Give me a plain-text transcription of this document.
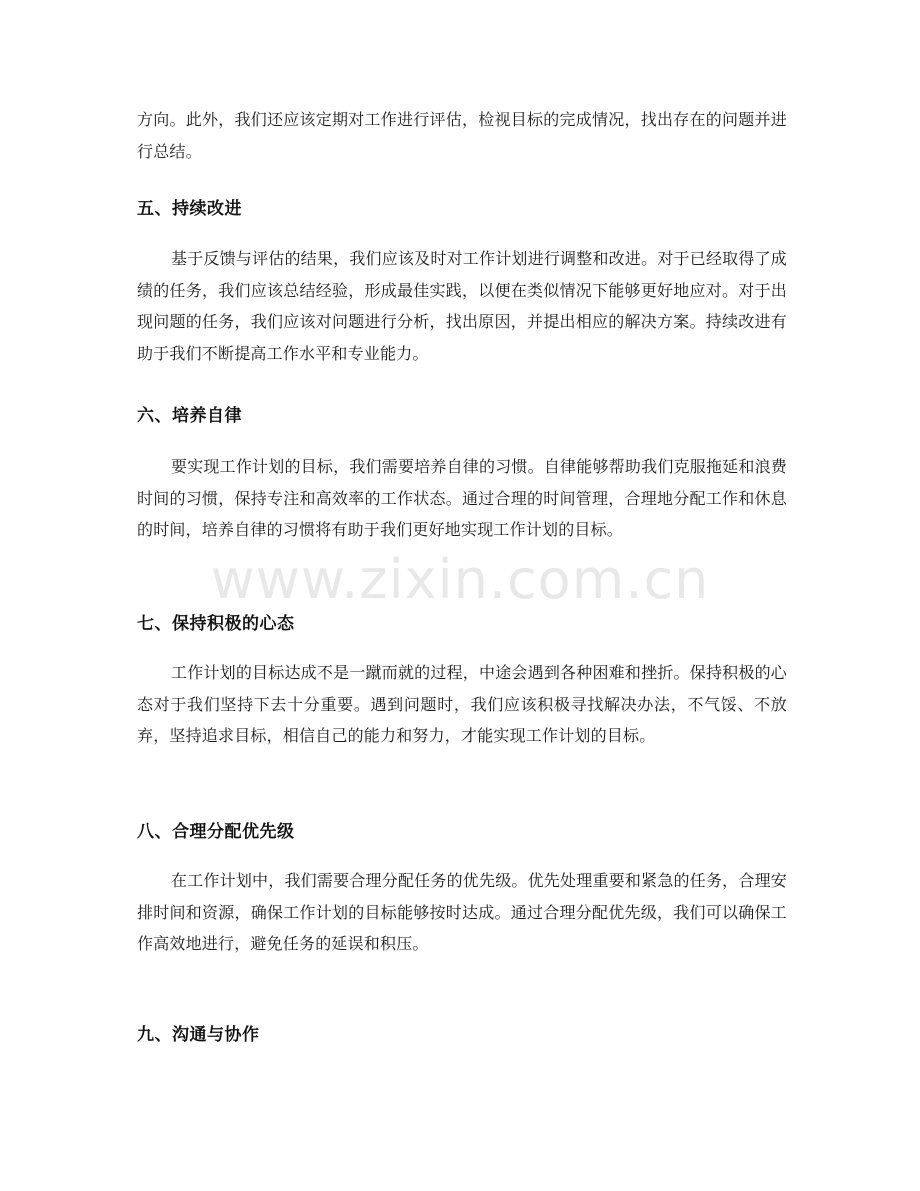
方向。此外，我们还应该定期对工作进行评估，检视目标的完成情况，找出存在的问题并进行总结。

五、持续改进

基于反馈与评估的结果，我们应该及时对工作计划进行调整和改进。对于已经取得了成绩的任务，我们应该总结经验，形成最佳实践，以便在类似情况下能够更好地应对。对于出现问题的任务，我们应该对问题进行分析，找出原因，并提出相应的解决方案。持续改进有助于我们不断提高工作水平和专业能力。

六、培养自律

要实现工作计划的目标，我们需要培养自律的习惯。自律能够帮助我们克服拖延和浪费时间的习惯，保持专注和高效率的工作状态。通过合理的时间管理，合理地分配工作和休息的时间，培养自律的习惯将有助于我们更好地实现工作计划的目标。

七、保持积极的心态

工作计划的目标达成不是一蹴而就的过程，中途会遇到各种困难和挫折。保持积极的心态对于我们坚持下去十分重要。遇到问题时，我们应该积极寻找解决办法，不气馁、不放弃，坚持追求目标，相信自己的能力和努力，才能实现工作计划的目标。

八、合理分配优先级

在工作计划中，我们需要合理分配任务的优先级。优先处理重要和紧急的任务，合理安排时间和资源，确保工作计划的目标能够按时达成。通过合理分配优先级，我们可以确保工作高效地进行，避免任务的延误和积压。

九、沟通与协作
www.zixin.com.cn
